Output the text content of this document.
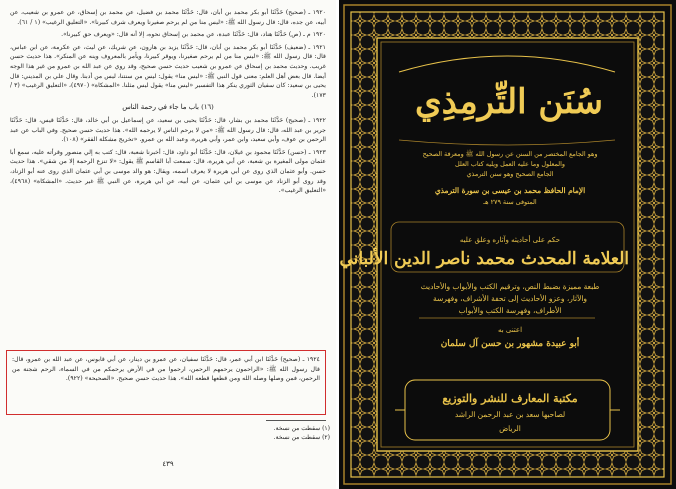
١٩٢٠ ـ (صحيح) حَدَّثَنَا أبو بكر محمد بن أبان، قال: حَدَّثَنَا محمد بن فضيل، عن محمد بن إسحاق، عن عمرو بن شعيب، عن أبيه، عن جده، قال: قال رسول الله ﷺ: «ليس منا من لم يرحم صغيرنا ويعرف شرف كبيرنا». «التعليق الرغيب» (١ / ٦١).

١٩٢٠ م ـ (ص) حَدَّثَنَا هناد، قال: حَدَّثَنَا عبدة، عن محمد بن إسحاق نحوه، إلا أنه قال: «ويعرف حق كبيرنا».

١٩٢١ ـ (ضعيف) حَدَّثَنَا أبو بكر محمد بن أبان، قال: حَدَّثَنَا يزيد بن هارون، عن شريك، عن ليث، عن عكرمة، عن ابن عباس، قال: قال رسول الله ﷺ: «ليس منا من لم يرحم صغيرنا، ويوقر كبيرنا، ويأمر بالمعروف وينه عن المنكر». هذا حديث حسن غريب. وحديث محمد بن إسحاق عن عمرو بن شعيب حديث حسن صحيح، وقد روي عن عبد الله بن عمرو من غير هذا الوجه أيضا. قال بعض أهل العلم: معنى قول النبي ﷺ: «ليس منا» يقول: ليس من سنتنا، ليس من أدبنا. وقال علي بن المديني: قال يحيى بن سعيد: كان سفيان الثوري ينكر هذا التفسير «ليس منا» يقول ليس مثلنا. «المشكاة» (٤٩٧٠)، «التعليق الرغيب» (٣ / ١٧٣).

(١٦) باب ما جاء في رحمة الناس

١٩٢٢ ـ (صحيح) حَدَّثَنَا محمد بن بشار، قال: حَدَّثَنَا يحيى بن سعيد، عن إسماعيل بن أبي خالد، قال: حَدَّثَنَا قيس، قال: حَدَّثَنَا جرير بن عبد الله، قال: قال رسول الله ﷺ: «من لا يرحم الناس لا يرحمه الله». هذا حديث حسن صحيح. وفي الباب عن عبد الرحمن بن عوف، وأبي سعيد، وابن عمر، وأبي هريرة، وعبد الله بن عمرو. «تخريج مشكلة الفقر» (١٠٨).

١٩٢٣ ـ (حسن) حَدَّثَنَا محمود بن غيلان، قال: حَدَّثَنَا أبو داود، قال: أخبرنا شعبة، قال: كتب به إلي منصور وقرأته عليه، سمع أبا عثمان مولى المغيرة بن شعبة، عن أبي هريرة، قال: سمعت أبا القاسم ﷺ يقول: «لا تنزع الرحمة إلا من شقي». هذا حديث حسن. وأبو عثمان الذي روى عن أبي هريرة لا يعرف اسمه، ويقال: هو والد موسى بن أبي عثمان الذي روى عنه أبو الزناد، وقد روى أبو الزناد عن موسى بن أبي عثمان، عن أبيه، عن أبي هريرة، عن النبي ﷺ غير حديث. «المشكاة» (٤٩٦٨)، «التعليق الرغيب».

١٩٢٤ ـ (صحيح) حَدَّثَنَا ابن أبي عمر، قال: حَدَّثَنَا سفيان، عن عمرو بن دينار، عن أبي قابوس، عن عبد الله بن عمرو، قال: قال رسول الله ﷺ: «الراحمون يرحمهم الرحمن، ارحموا من في الأرض يرحمكم من في السماء، الرحم شجنة من الرحمن، فمن وصلها وصله الله ومن قطعها قطعه الله». هذا حديث حسن صحيح. «الصحيحة» (٩٢٢).

(١) سقطت من نسخة.
(٢) سقطت من نسخة.
٤٣٩
سُنَن التِّرمِذِي
وهو الجامع المختصر من السنن عن رسول الله ﷺ ومعرفة الصحيح
والمعلول وما عليه العمل ويليه كتاب العلل
الجامع الصحيح وهو سنن الترمذي
الإمام الحافظ محمد بن عيسى بن سورة الترمذي
المتوفى سنة ٢٧٩ هـ
حكم على أحاديثه وآثاره وعلق عليه
العلامة المحدث محمد ناصر الدين الألباني
طبعة مميزة بضبط النص، وترقيم الكتب والأبواب والأحاديث
والآثار، وعزو الأحاديث إلى تحفة الأشراف، وفهرسة
الأطراف، وفهرسة الكتب والأبواب
اعتنى به
أبو عبيدة مشهور بن حسن آل سلمان
مكتبة المعارف للنشر والتوزيع
لصاحبها سعد بن عبد الرحمن الراشد
الرياض
